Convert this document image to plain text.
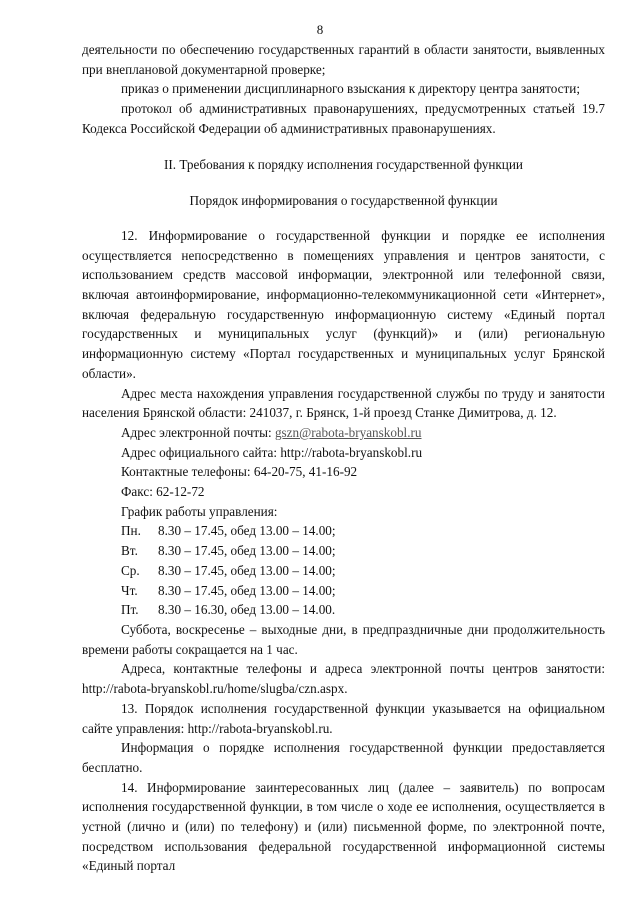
8

деятельности по обеспечению государственных гарантий в области занятости, выявленных при внеплановой документарной проверке;

приказ о применении дисциплинарного взыскания к директору центра занятости;

протокол об административных правонарушениях, предусмотренных статьей 19.7 Кодекса Российской Федерации об административных правонарушениях.

II. Требования к порядку исполнения государственной функции

Порядок информирования о государственной функции

12. Информирование о государственной функции и порядке ее исполнения осуществляется непосредственно в помещениях управления и центров занятости, с использованием средств массовой информации, электронной или телефонной связи, включая автоинформирование, информационно-телекоммуникационной сети «Интернет», включая федеральную государственную информационную систему «Единый портал государственных и муниципальных услуг (функций)» и (или) региональную информационную систему «Портал государственных и муниципальных услуг Брянской области».

Адрес места нахождения управления государственной службы по труду и занятости населения Брянской области: 241037, г. Брянск, 1-й проезд Станке Димитрова, д. 12.

Адрес электронной почты: gszn@rabota-bryanskobl.ru

Адрес официального сайта: http://rabota-bryanskobl.ru

Контактные телефоны: 64-20-75, 41-16-92

Факс: 62-12-72

График работы управления:

Пн.	8.30 – 17.45, обед 13.00 – 14.00;
Вт.	8.30 – 17.45, обед 13.00 – 14.00;
Ср.	8.30 – 17.45, обед 13.00 – 14.00;
Чт.	8.30 – 17.45, обед 13.00 – 14.00;
Пт.	8.30 – 16.30, обед 13.00 – 14.00.

Суббота, воскресенье – выходные дни, в предпраздничные дни продолжительность времени работы сокращается на 1 час.

Адреса, контактные телефоны и адреса электронной почты центров занятости: http://rabota-bryanskobl.ru/home/slugba/czn.aspx.

13. Порядок исполнения государственной функции указывается на официальном сайте управления: http://rabota-bryanskobl.ru.

Информация о порядке исполнения государственной функции предоставляется бесплатно.

14. Информирование заинтересованных лиц (далее – заявитель) по вопросам исполнения государственной функции, в том числе о ходе ее исполнения, осуществляется в устной (лично и (или) по телефону) и (или) письменной форме, по электронной почте, посредством использования федеральной государственной информационной системы «Единый портал
